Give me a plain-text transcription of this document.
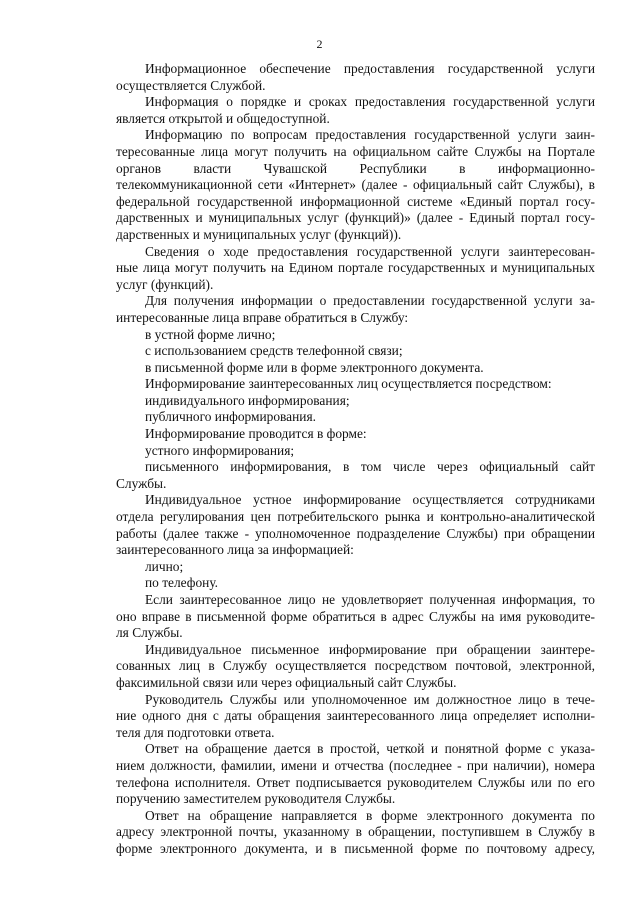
2
Информационное обеспечение предоставления государственной услуги
осуществляется Службой.
Информация о порядке и сроках предоставления государственной услуги
является открытой и общедоступной.
Информацию по вопросам предоставления государственной услуги заин-
тересованные лица могут получить на официальном сайте Службы на Портале
органов власти Чувашской Республики в информационно-
телекоммуникационной сети «Интернет» (далее - официальный сайт Службы), в
федеральной государственной информационной системе «Единый портал госу-
дарственных и муниципальных услуг (функций)» (далее - Единый портал госу-
дарственных и муниципальных услуг (функций)).
Сведения о ходе предоставления государственной услуги заинтересован-
ные лица могут получить на Едином портале государственных и муниципальных
услуг (функций).
Для получения информации о предоставлении государственной услуги за-
интересованные лица вправе обратиться в Службу:
в устной форме лично;
с использованием средств телефонной связи;
в письменной форме или в форме электронного документа.
Информирование заинтересованных лиц осуществляется посредством:
индивидуального информирования;
публичного информирования.
Информирование проводится в форме:
устного информирования;
письменного информирования, в том числе через официальный сайт
Службы.
Индивидуальное устное информирование осуществляется сотрудниками
отдела регулирования цен потребительского рынка и контрольно-аналитической
работы (далее также - уполномоченное подразделение Службы) при обращении
заинтересованного лица за информацией:
лично;
по телефону.
Если заинтересованное лицо не удовлетворяет полученная информация, то
оно вправе в письменной форме обратиться в адрес Службы на имя руководите-
ля Службы.
Индивидуальное письменное информирование при обращении заинтере-
сованных лиц в Службу осуществляется посредством почтовой, электронной,
факсимильной связи или через официальный сайт Службы.
Руководитель Службы или уполномоченное им должностное лицо в тече-
ние одного дня с даты обращения заинтересованного лица определяет исполни-
теля для подготовки ответа.
Ответ на обращение дается в простой, четкой и понятной форме с указа-
нием должности, фамилии, имени и отчества (последнее - при наличии), номера
телефона исполнителя. Ответ подписывается руководителем Службы или по его
поручению заместителем руководителя Службы.
Ответ на обращение направляется в форме электронного документа по
адресу электронной почты, указанному в обращении, поступившем в Службу в
форме электронного документа, и в письменной форме по почтовому адресу,
